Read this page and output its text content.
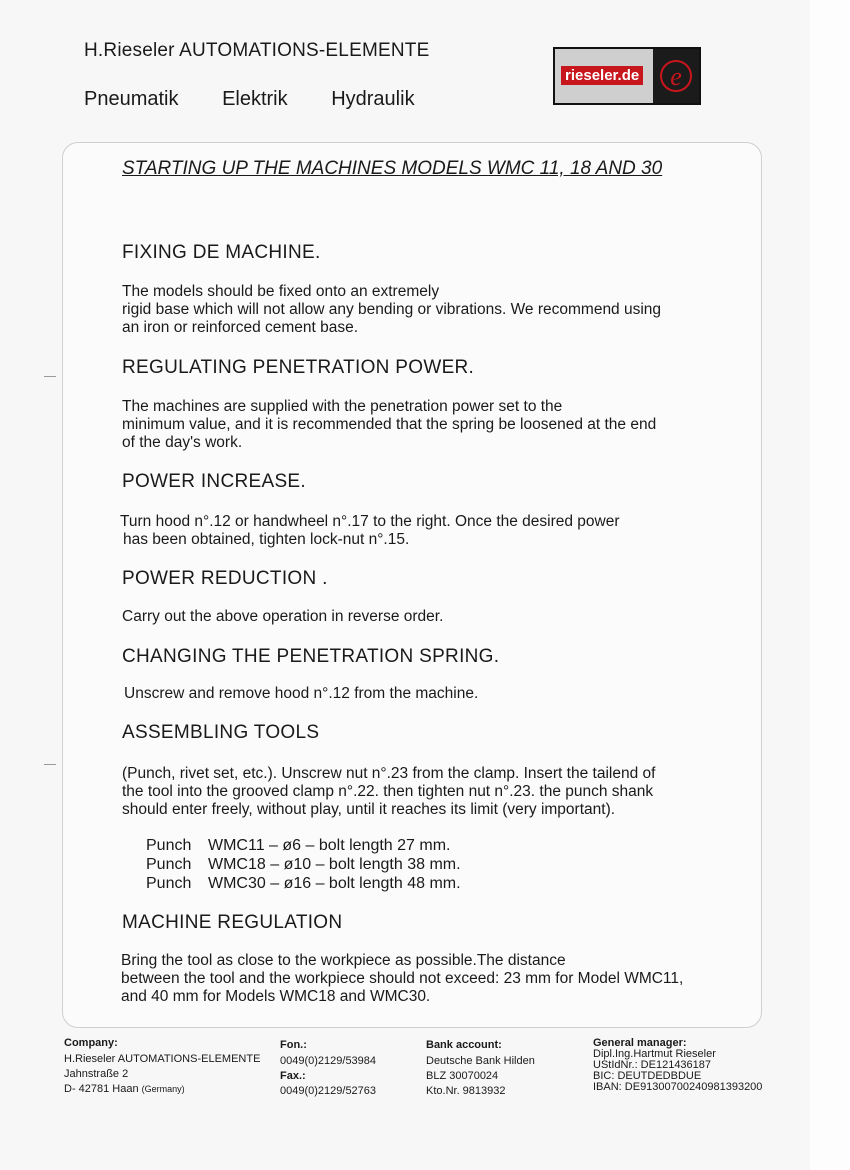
H.Rieseler AUTOMATIONS-ELEMENTE
Pneumatik Elektrik Hydraulik
rieseler.de e
STARTING UP THE MACHINES MODELS WMC 11, 18 AND 30
FIXING DE MACHINE.
The models should be fixed onto an extremely
rigid base which will not allow any bending or vibrations. We recommend using
an iron or reinforced cement base.
REGULATING PENETRATION POWER.
The machines are supplied with the penetration power set to the
minimum value, and it is recommended that the spring be loosened at the end
of the day's work.
POWER INCREASE.
Turn hood n°.12 or handwheel n°.17 to the right. Once the desired power
has been obtained, tighten lock-nut n°.15.
POWER REDUCTION .
Carry out the above operation in reverse order.
CHANGING THE PENETRATION SPRING.
Unscrew and remove hood n°.12 from the machine.
ASSEMBLING TOOLS
(Punch, rivet set, etc.). Unscrew nut n°.23 from the clamp. Insert the tailend of
the tool into the grooved clamp n°.22. then tighten nut n°.23. the punch shank
should enter freely, without play, until it reaches its limit (very important).
Punch WMC11 – ø6 – bolt length 27 mm.
Punch WMC18 – ø10 – bolt length 38 mm.
Punch WMC30 – ø16 – bolt length 48 mm.
MACHINE REGULATION
Bring the tool as close to the workpiece as possible.The distance
between the tool and the workpiece should not exceed: 23 mm for Model WMC11,
and 40 mm for Models WMC18 and WMC30.
Company:
H.Rieseler AUTOMATIONS-ELEMENTE
Jahnstraße 2
D- 42781 Haan (Germany)
Fon.:
0049(0)2129/53984
Fax.:
0049(0)2129/52763
Bank account:
Deutsche Bank Hilden
BLZ 30070024
Kto.Nr. 9813932
General manager:
Dipl.Ing.Hartmut Rieseler
UStIdNr.: DE121436187
BIC: DEUTDEDBDUE
IBAN: DE91300700240981393200
